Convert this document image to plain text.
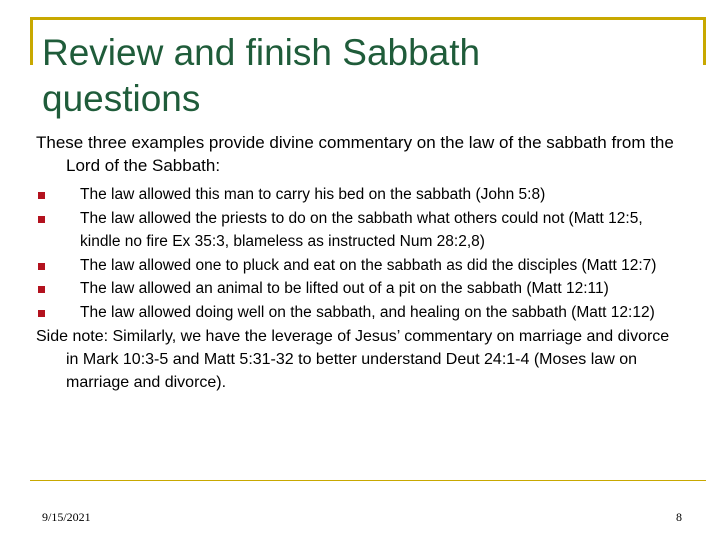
Review and finish Sabbath
questions
These three examples provide divine commentary on the law of the sabbath from the Lord of the Sabbath:
The law allowed this man to carry his bed on the sabbath (John 5:8)
The law allowed the priests to do on the sabbath what others could not (Matt 12:5, kindle no fire Ex 35:3, blameless as instructed Num 28:2,8)
The law allowed one to pluck and eat on the sabbath as did the disciples (Matt 12:7)
The law allowed an animal to be lifted out of a pit on the sabbath (Matt 12:11)
The law allowed doing well on the sabbath, and healing on the sabbath (Matt 12:12)
Side note: Similarly, we have the leverage of Jesus’ commentary on marriage and divorce in Mark 10:3-5 and Matt 5:31-32 to better understand Deut 24:1-4 (Moses law on marriage and divorce).
9/15/2021	8
